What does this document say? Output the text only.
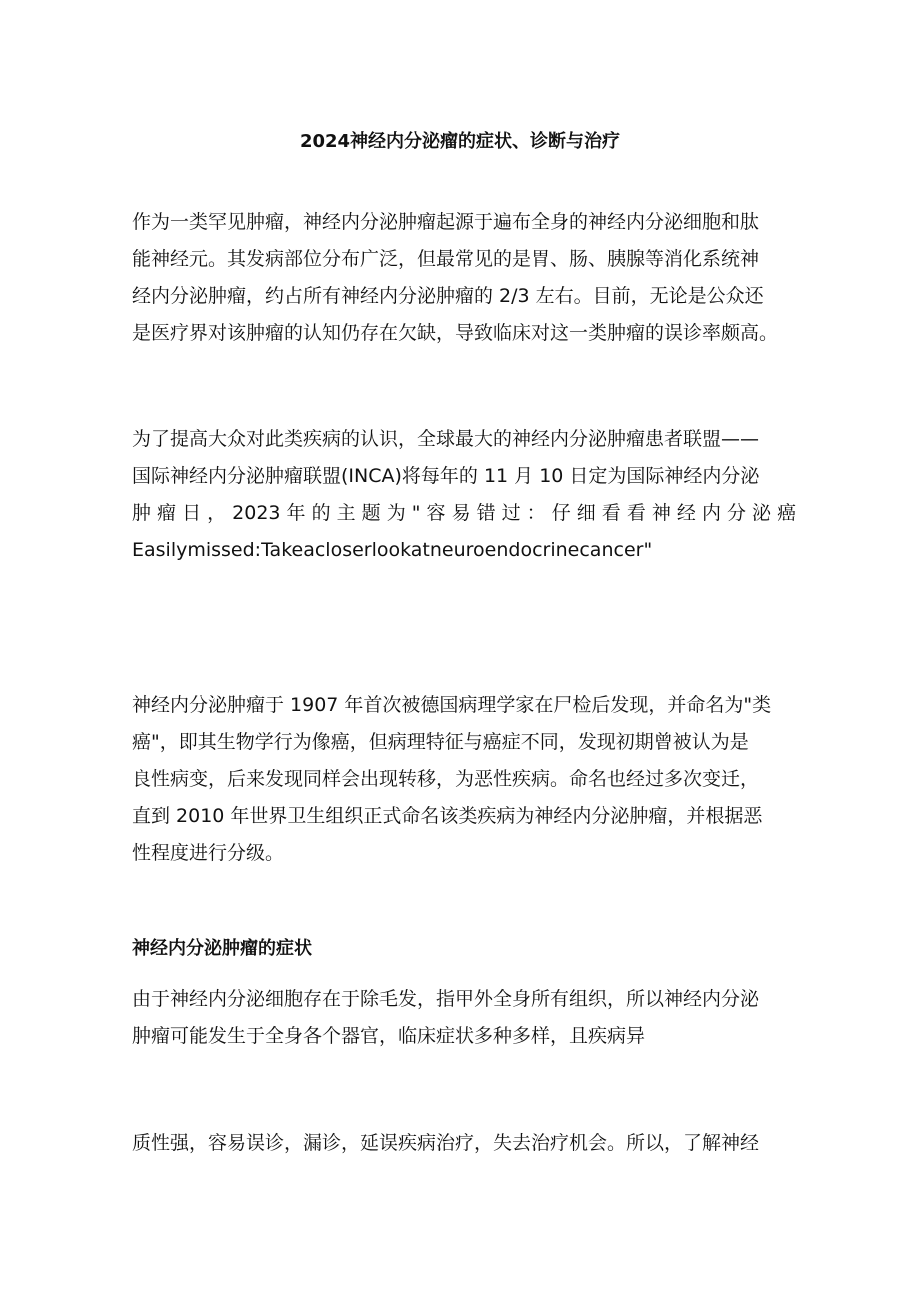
2024神经内分泌瘤的症状、诊断与治疗
作为一类罕见肿瘤，神经内分泌肿瘤起源于遍布全身的神经内分泌细胞和肽
能神经元。其发病部位分布广泛，但最常见的是胃、肠、胰腺等消化系统神
经内分泌肿瘤，约占所有神经内分泌肿瘤的 2/3 左右。目前，无论是公众还
是医疗界对该肿瘤的认知仍存在欠缺，导致临床对这一类肿瘤的误诊率颇高。
为了提高大众对此类疾病的认识，全球最大的神经内分泌肿瘤患者联盟——
国际神经内分泌肿瘤联盟(INCA)将每年的 11 月 10 日定为国际神经内分泌
肿 瘤 日 ， 2023 年 的 主 题 为 " 容 易 错 过 ： 仔 细 看 看 神 经 内 分 泌 癌
Easilymissed:Takeacloserlookatneuroendocrinecancer"
神经内分泌肿瘤于 1907 年首次被德国病理学家在尸检后发现，并命名为"类
癌"，即其生物学行为像癌，但病理特征与癌症不同，发现初期曾被认为是
良性病变，后来发现同样会出现转移，为恶性疾病。命名也经过多次变迁，
直到 2010 年世界卫生组织正式命名该类疾病为神经内分泌肿瘤，并根据恶
性程度进行分级。
神经内分泌肿瘤的症状
由于神经内分泌细胞存在于除毛发，指甲外全身所有组织，所以神经内分泌
肿瘤可能发生于全身各个器官，临床症状多种多样，且疾病异
质性强，容易误诊，漏诊，延误疾病治疗，失去治疗机会。所以，了解神经
